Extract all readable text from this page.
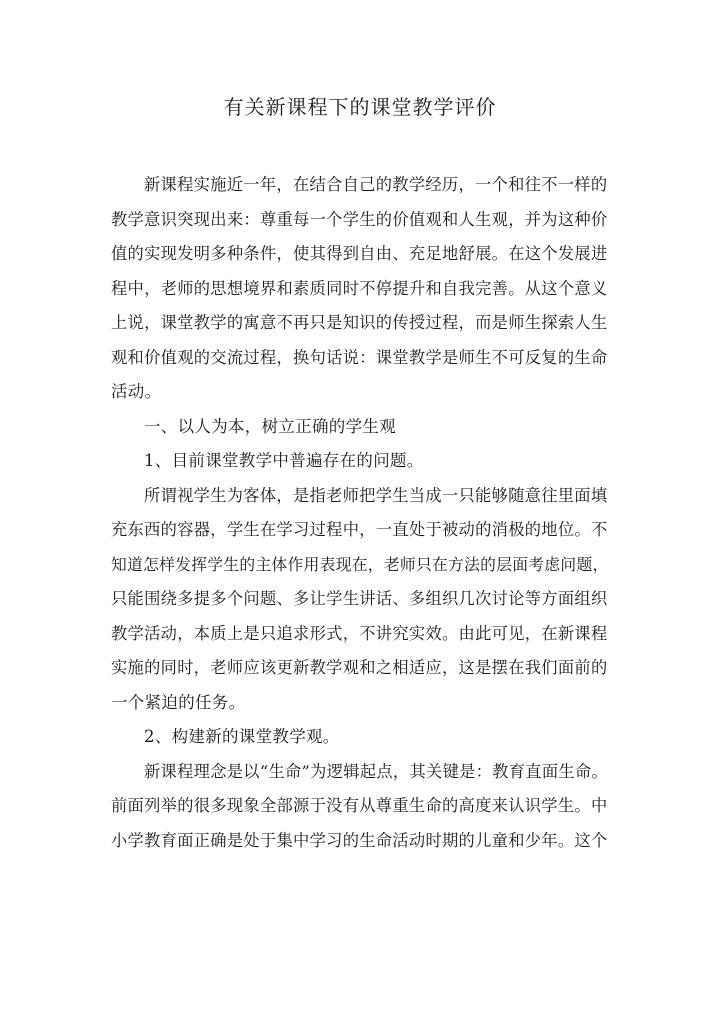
有关新课程下的课堂教学评价
新课程实施近一年，在结合自己的教学经历，一个和往不一样的
教学意识突现出来：尊重每一个学生的价值观和人生观，并为这种价
值的实现发明多种条件，使其得到自由、充足地舒展。在这个发展进
程中，老师的思想境界和素质同时不停提升和自我完善。从这个意义
上说，课堂教学的寓意不再只是知识的传授过程，而是师生探索人生
观和价值观的交流过程，换句话说：课堂教学是师生不可反复的生命
活动。
一、以人为本，树立正确的学生观
1、目前课堂教学中普遍存在的问题。
所谓视学生为客体，是指老师把学生当成一只能够随意往里面填
充东西的容器，学生在学习过程中，一直处于被动的消极的地位。不
知道怎样发挥学生的主体作用表现在，老师只在方法的层面考虑问题，
只能围绕多提多个问题、多让学生讲话、多组织几次讨论等方面组织
教学活动，本质上是只追求形式，不讲究实效。由此可见，在新课程
实施的同时，老师应该更新教学观和之相适应，这是摆在我们面前的
一个紧迫的任务。
2、构建新的课堂教学观。
新课程理念是以“生命”为逻辑起点，其关键是：教育直面生命。
前面列举的很多现象全部源于没有从尊重生命的高度来认识学生。中
小学教育面正确是处于集中学习的生命活动时期的儿童和少年。这个
